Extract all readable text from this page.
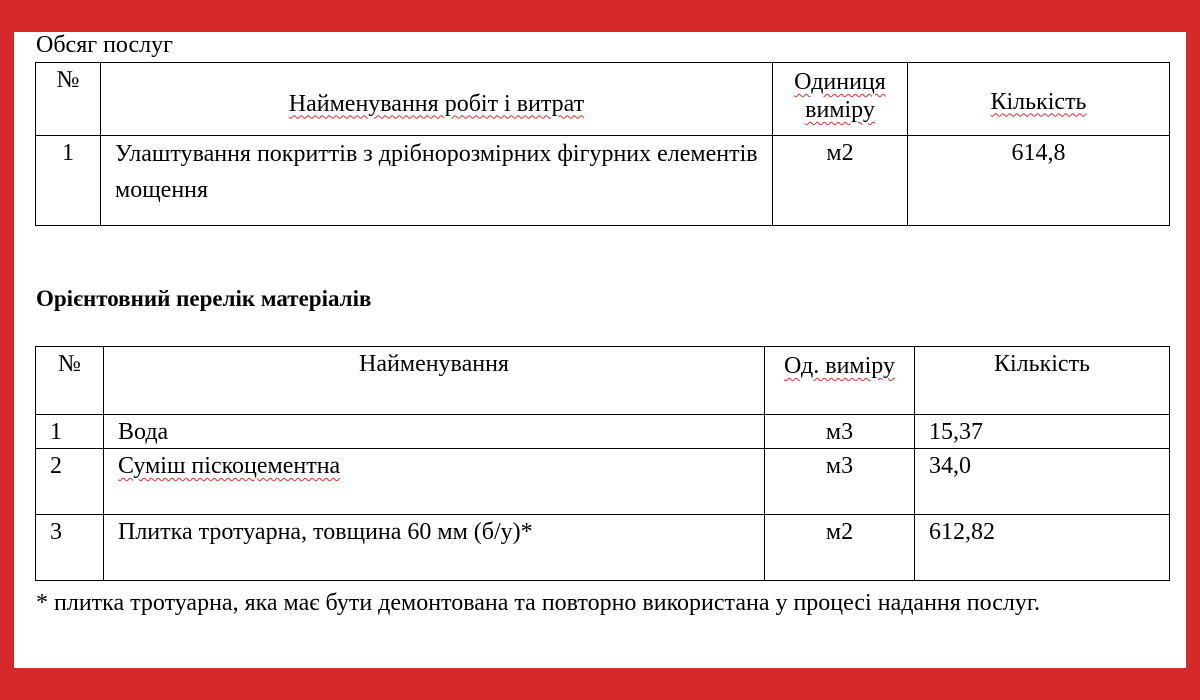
Обсяг послуг
№	Найменування робіт і витрат	Одиниця виміру	Кількість
1	Улаштування покриттів з дрібнорозмірних фігурних елементів мощення	м2	614,8
Орієнтовний перелік матеріалів
№	Найменування	Од. виміру	Кількість
1	Вода	м3	15,37
2	Суміш піскоцементна	м3	34,0
3	Плитка тротуарна, товщина 60 мм (б/у)*	м2	612,82
* плитка тротуарна, яка має бути демонтована та повторно використана у процесі надання послуг.
